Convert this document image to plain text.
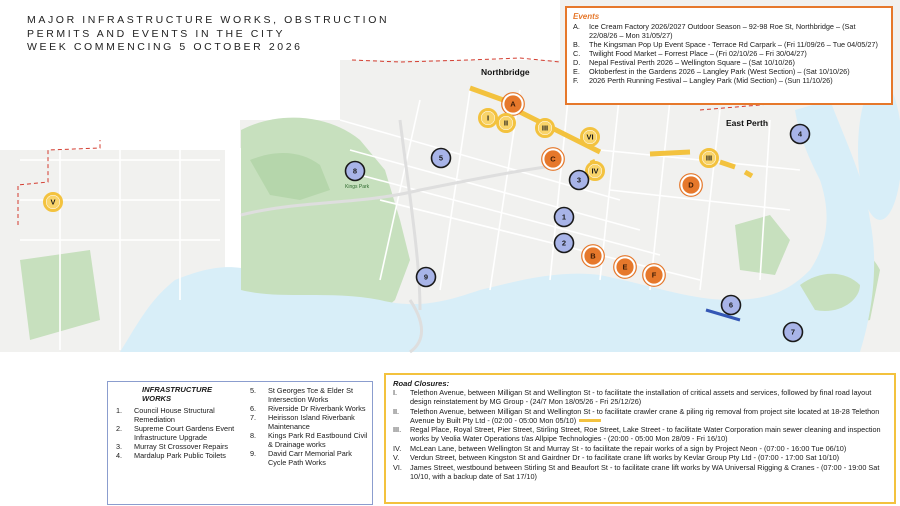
Northbridge
East Perth
Kings Park
A
B
C
D
E
F
I
II
III
IV
V
VI
III
1
2
3
4
5
6
7
8
9
MAJOR INFRASTRUCTURE WORKS, OBSTRUCTION
PERMITS AND EVENTS IN THE CITY
WEEK COMMENCING 5 OCTOBER 2026
Events
A.	Ice Cream Factory 2026/2027 Outdoor Season – 92-98 Roe St, Northbridge – (Sat 22/08/26 – Mon 31/05/27)
B.	The Kingsman Pop Up Event Space - Terrace Rd Carpark – (Fri 11/09/26 – Tue 04/05/27)
C.	Twilight Food Market – Forrest Place – (Fri 02/10/26 – Fri 30/04/27)
D.	Nepal Festival Perth 2026 – Wellington Square – (Sat 10/10/26)
E.	Oktoberfest in the Gardens 2026 – Langley Park (West Section) – (Sat 10/10/26)
F.	2026 Perth Running Festival – Langley Park (Mid Section) – (Sun 11/10/26)
INFRASTRUCTURE
WORKS
1.	Council House Structural Remediation
2.	Supreme Court Gardens Event Infrastructure Upgrade
3.	Murray St Crossover Repairs
4.	Mardalup Park Public Toilets
5.	St Georges Tce & Elder St Intersection Works
6.	Riverside Dr Riverbank Works
7.	Heirisson Island Riverbank Maintenance
8.	Kings Park Rd Eastbound Civil & Drainage works
9.	David Carr Memorial Park Cycle Path Works
Road Closures:
I.	Telethon Avenue, between Milligan St and Wellington St - to facilitate the installation of critical assets and services, followed by final road layout design reinstatement by MG Group - (24/7 Mon 18/05/26 - Fri 25/12/26)
II.	Telethon Avenue, between Milligan St and Wellington St - to facilitate crawler crane & piling rig removal from project site located at 18-28 Telethon Avenue by Built Pty Ltd - (02:00 - 05:00 Mon 05/10)
III.	Regal Place, Royal Street, Pier Street, Stirling Street, Roe Street, Lake Street - to facilitate Water Corporation main sewer cleaning and inspection works by Veolia Water Operations t/as Allpipe Technologies - (20:00 - 05:00 Mon 28/09 - Fri 16/10)
IV.	McLean Lane, between Wellington St and Murray St - to facilitate the repair works of a sign by Project Neon - (07:00 - 16:00 Tue 06/10)
V.	Verdun Street, between Kingston St and Gairdner Dr - to facilitate crane lift works by Kevlar Group Pty Ltd - (07:00 - 17:00 Sat 10/10)
VI.	James Street, westbound between Stirling St and Beaufort St - to facilitate crane lift works by WA Universal Rigging & Cranes - (07:00 - 19:00 Sat 10/10, with a backup date of Sat 17/10)
